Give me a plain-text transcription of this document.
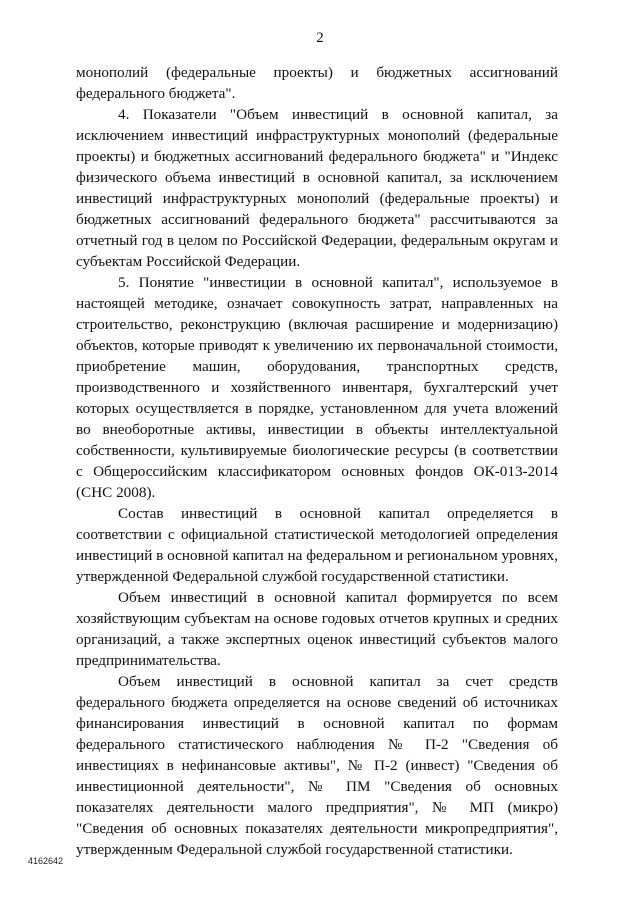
2

монополий (федеральные проекты) и бюджетных ассигнований федерального бюджета".

4. Показатели "Объем инвестиций в основной капитал, за исключением инвестиций инфраструктурных монополий (федеральные проекты) и бюджетных ассигнований федерального бюджета" и "Индекс физического объема инвестиций в основной капитал, за исключением инвестиций инфраструктурных монополий (федеральные проекты) и бюджетных ассигнований федерального бюджета" рассчитываются за отчетный год в целом по Российской Федерации, федеральным округам и субъектам Российской Федерации.

5. Понятие "инвестиции в основной капитал", используемое в настоящей методике, означает совокупность затрат, направленных на строительство, реконструкцию (включая расширение и модернизацию) объектов, которые приводят к увеличению их первоначальной стоимости, приобретение машин, оборудования, транспортных средств, производственного и хозяйственного инвентаря, бухгалтерский учет которых осуществляется в порядке, установленном для учета вложений во внеоборотные активы, инвестиции в объекты интеллектуальной собственности, культивируемые биологические ресурсы (в соответствии с Общероссийским классификатором основных фондов ОК-013-2014 (СНС 2008).

Состав инвестиций в основной капитал определяется в соответствии с официальной статистической методологией определения инвестиций в основной капитал на федеральном и региональном уровнях, утвержденной Федеральной службой государственной статистики.

Объем инвестиций в основной капитал формируется по всем хозяйствующим субъектам на основе годовых отчетов крупных и средних организаций, а также экспертных оценок инвестиций субъектов малого предпринимательства.

Объем инвестиций в основной капитал за счет средств федерального бюджета определяется на основе сведений об источниках финансирования инвестиций в основной капитал по формам федерального статистического наблюдения № П-2 "Сведения об инвестициях в нефинансовые активы", № П-2 (инвест) "Сведения об инвестиционной деятельности", № ПМ "Сведения об основных показателях деятельности малого предприятия", № МП (микро) "Сведения об основных показателях деятельности микропредприятия", утвержденным Федеральной службой государственной статистики.

4162642
